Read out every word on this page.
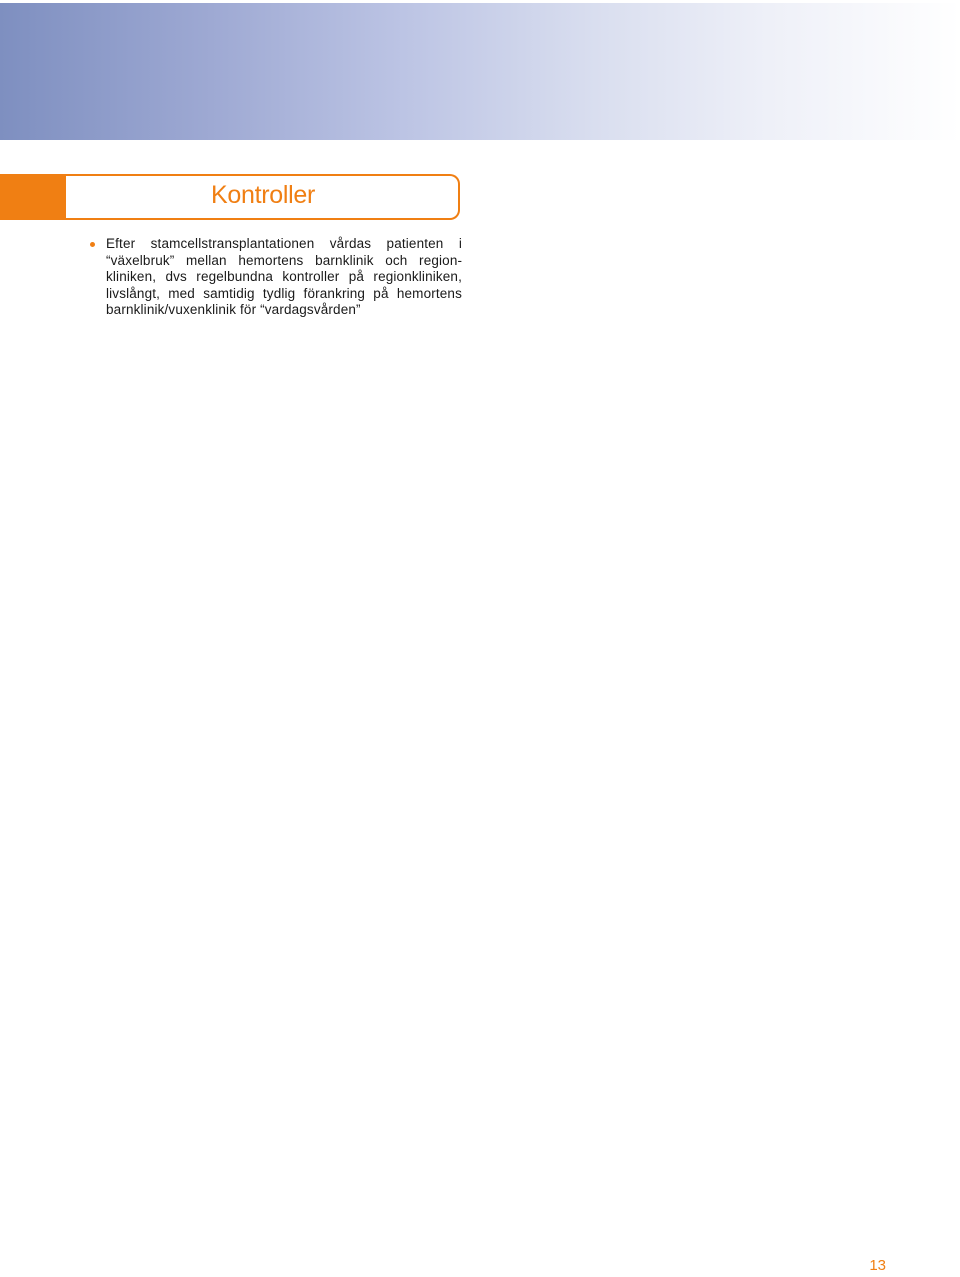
Kontroller
Efter stamcellstransplantationen vårdas patienten i “växelbruk” mellan hemortens barnklinik och regionkliniken, dvs regelbundna kontroller på regionkliniken, livslångt, med samtidig tydlig förankring på hemortens barnklinik/vuxenklinik för “vardagsvården”
13
